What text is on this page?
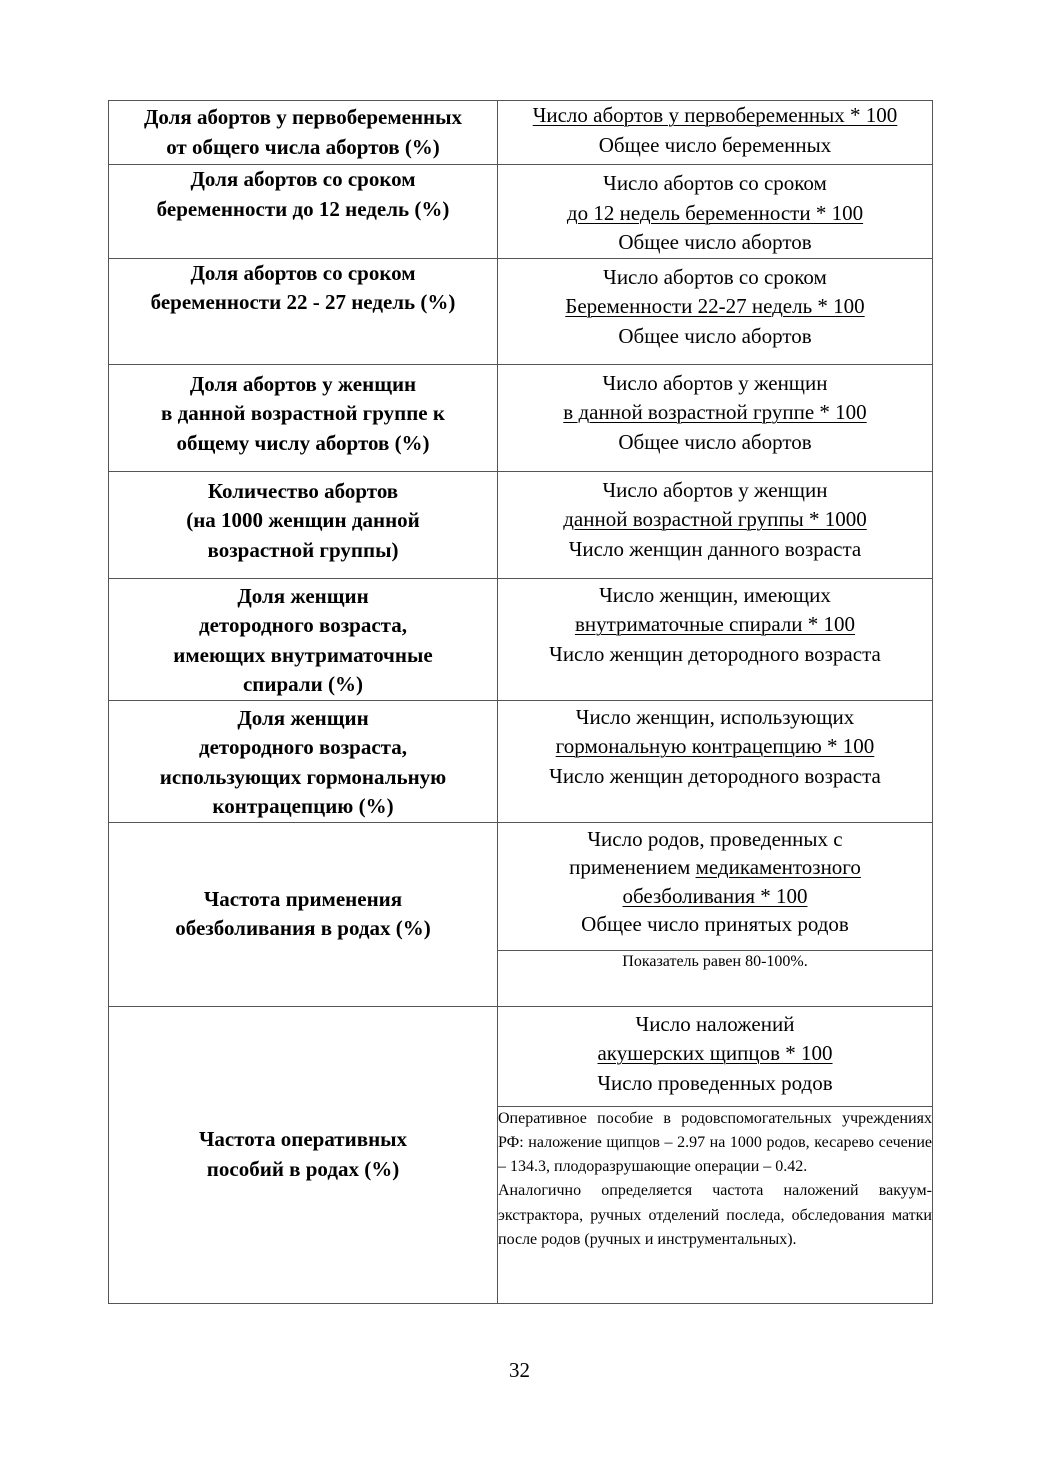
Доля абортов у первобеременных
от общего числа абортов (%)	Число абортов у первобеременных * 100
Общее число беременных

Доля абортов со сроком
беременности до 12 недель (%)	Число абортов со сроком
до 12 недель беременности * 100
Общее число абортов

Доля абортов со сроком
беременности 22 - 27 недель (%)	Число абортов со сроком
Беременности 22-27 недель * 100
Общее число абортов

Доля абортов у женщин
в данной возрастной группе к
общему числу абортов (%)	Число абортов у женщин
в данной возрастной группе * 100
Общее число абортов

Количество абортов
(на 1000 женщин данной
возрастной группы)	Число абортов у женщин
данной возрастной группы * 1000
Число женщин данного возраста

Доля женщин
детородного возраста,
имеющих внутриматочные
спирали (%)	Число женщин, имеющих
внутриматочные спирали * 100
Число женщин детородного возраста

Доля женщин
детородного возраста,
использующих гормональную
контрацепцию (%)	Число женщин, использующих
гормональную контрацепцию * 100
Число женщин детородного возраста

Частота применения
обезболивания в родах (%)	Число родов, проведенных с
применением медикаментозного
обезболивания * 100
Общее число принятых родов

	Показатель равен 80-100%.

Частота оперативных
пособий в родах (%)	Число наложений
акушерских щипцов * 100
Число проведенных родов

	Оперативное пособие в родовспомогательных учреждениях РФ: наложение щипцов – 2.97 на 1000 родов, кесарево сечение – 134.3, плодоразрушающие операции – 0.42.
Аналогично определяется частота наложений вакуум-экстрактора, ручных отделений последа, обследования матки после родов (ручных и инструментальных).
32
